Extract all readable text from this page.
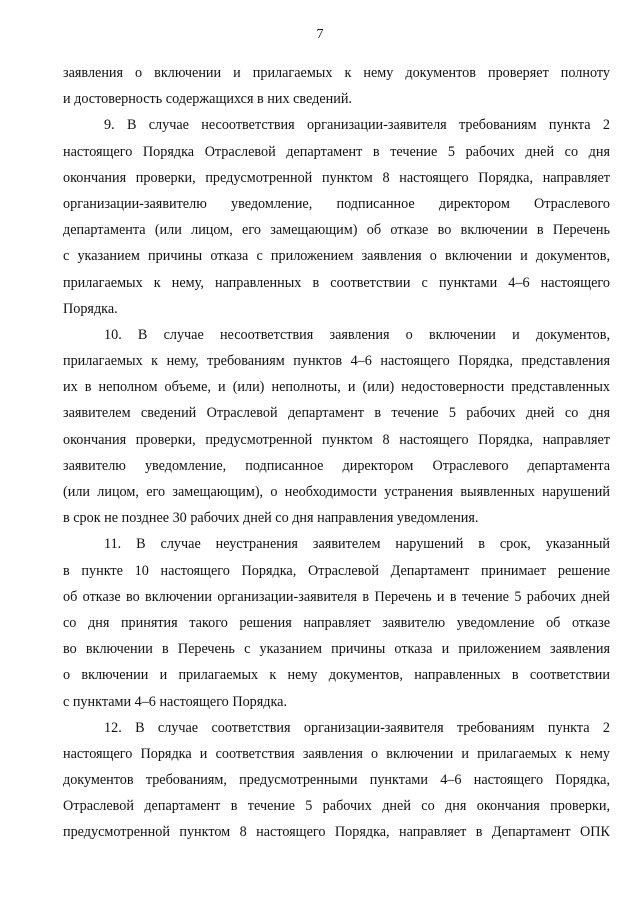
7
заявления о включении и прилагаемых к нему документов проверяет полноту
и достоверность содержащихся в них сведений.
9. В случае несоответствия организации-заявителя требованиям пункта 2
настоящего Порядка Отраслевой департамент в течение 5 рабочих дней со дня
окончания проверки, предусмотренной пунктом 8 настоящего Порядка, направляет
организации-заявителю уведомление, подписанное директором Отраслевого
департамента (или лицом, его замещающим) об отказе во включении в Перечень
с указанием причины отказа с приложением заявления о включении и документов,
прилагаемых к нему, направленных в соответствии с пунктами 4–6 настоящего
Порядка.
10. В случае несоответствия заявления о включении и документов,
прилагаемых к нему, требованиям пунктов 4–6 настоящего Порядка, представления
их в неполном объеме, и (или) неполноты, и (или) недостоверности представленных
заявителем сведений Отраслевой департамент в течение 5 рабочих дней со дня
окончания проверки, предусмотренной пунктом 8 настоящего Порядка, направляет
заявителю уведомление, подписанное директором Отраслевого департамента
(или лицом, его замещающим), о необходимости устранения выявленных нарушений
в срок не позднее 30 рабочих дней со дня направления уведомления.
11. В случае неустранения заявителем нарушений в срок, указанный
в пункте 10 настоящего Порядка, Отраслевой Департамент принимает решение
об отказе во включении организации-заявителя в Перечень и в течение 5 рабочих дней
со дня принятия такого решения направляет заявителю уведомление об отказе
во включении в Перечень с указанием причины отказа и приложением заявления
о включении и прилагаемых к нему документов, направленных в соответствии
с пунктами 4–6 настоящего Порядка.
12. В случае соответствия организации-заявителя требованиям пункта 2
настоящего Порядка и соответствия заявления о включении и прилагаемых к нему
документов требованиям, предусмотренными пунктами 4–6 настоящего Порядка,
Отраслевой департамент в течение 5 рабочих дней со дня окончания проверки,
предусмотренной пунктом 8 настоящего Порядка, направляет в Департамент ОПК
